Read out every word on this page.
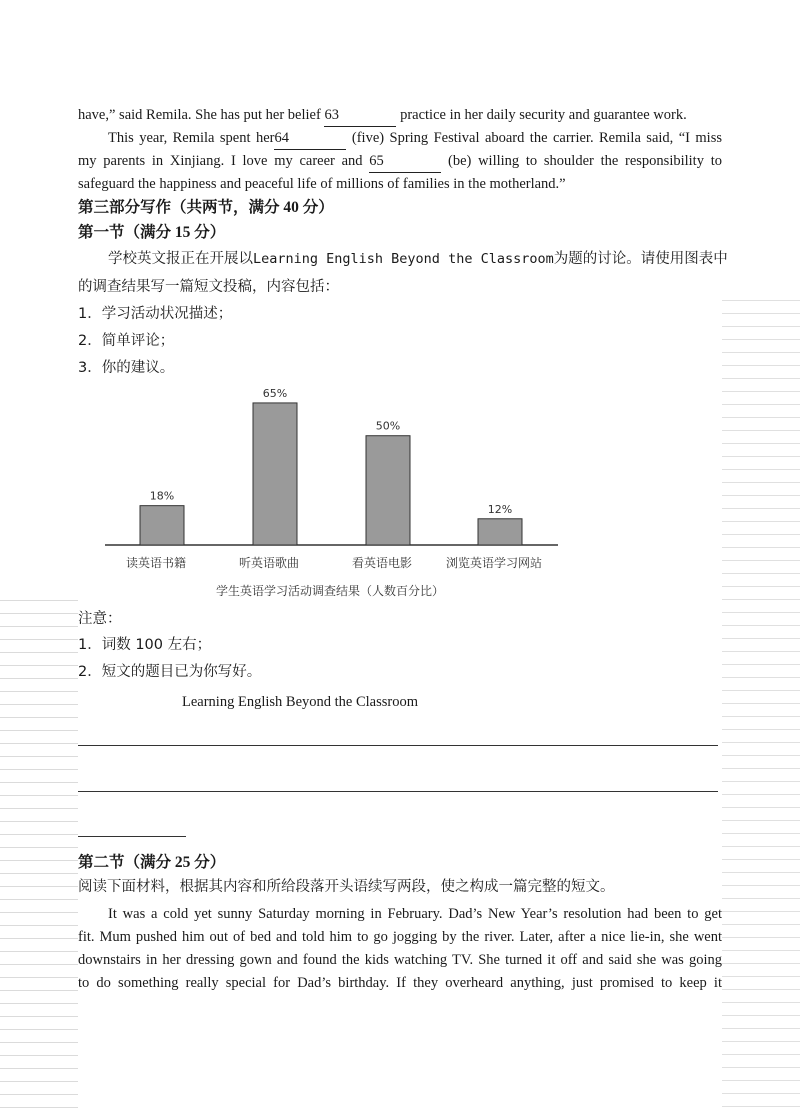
have,” said Remila. She has put her belief 63	practice in her daily security and guarantee work.
This year, Remila spent her64	(five) Spring Festival aboard the carrier. Remila said, “I miss
my parents in Xinjiang. I love my career and 65	(be) willing to shoulder the responsibility to
safeguard the happiness and peaceful life of millions of families in the motherland.”
第三部分写作（共两节，满分 40 分）
第一节（满分 15 分）
学校英文报正在开展以Learning English Beyond the Classroom为题的讨论。请使用图表中
的调查结果写一篇短文投稿，内容包括：
1．学习活动状况描述；
2．简单评论；
3．你的建议。
18%
65%
50%
12%
读英语书籍	听英语歌曲	看英语电影	浏览英语学习网站
学生英语学习活动调查结果（人数百分比）
注意：
1．词数 100 左右；
2．短文的题目已为你写好。
Learning English Beyond the Classroom
第二节（满分 25 分）
阅读下面材料，根据其内容和所给段落开头语续写两段，使之构成一篇完整的短文。
It was a cold yet sunny Saturday morning in February. Dad’s New Year’s resolution had been to get
fit. Mum pushed him out of bed and told him to go jogging by the river. Later, after a nice lie-in, she went
downstairs in her dressing gown and found the kids watching TV. She turned it off and said she was going
to do something really special for Dad’s birthday. If they overheard anything, just promised to keep it
